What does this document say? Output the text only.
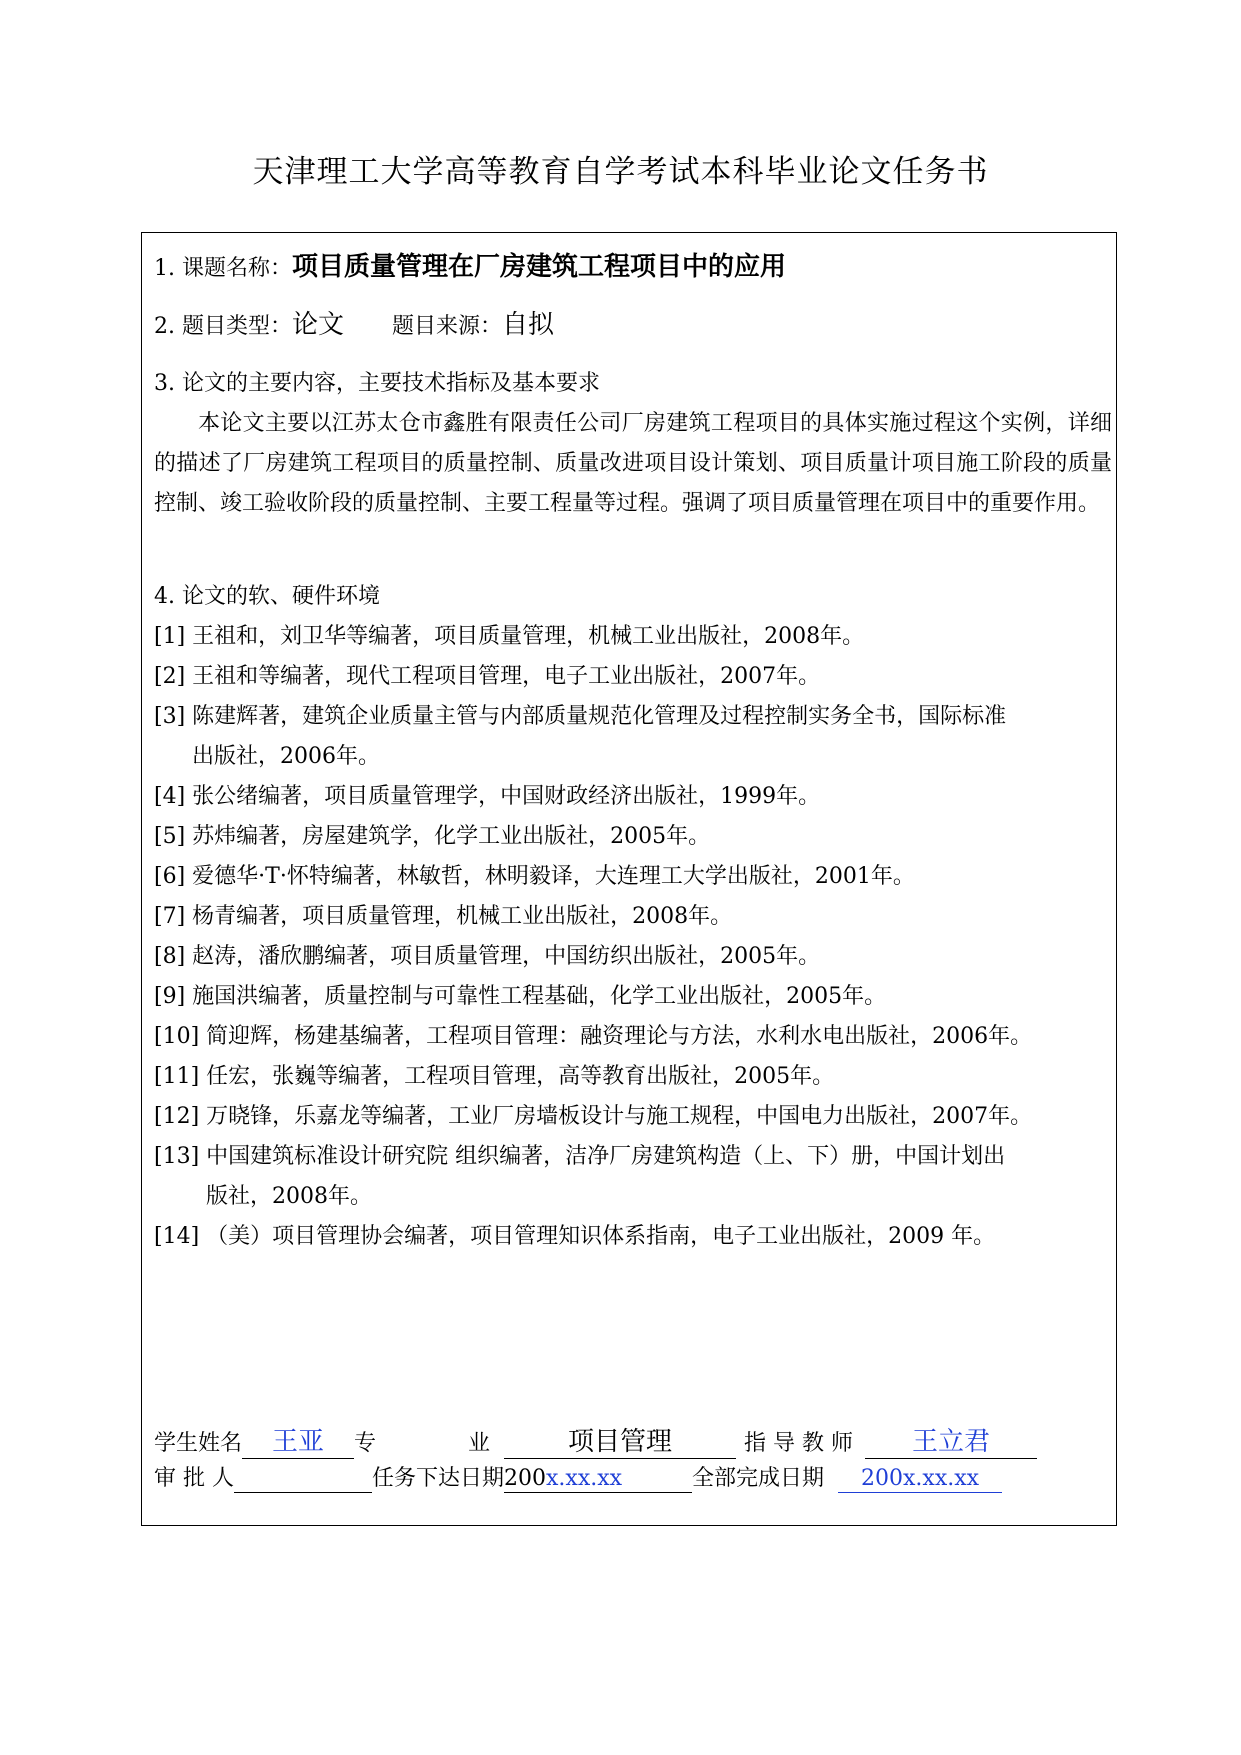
天津理工大学高等教育自学考试本科毕业论文任务书
1. 课题名称：项目质量管理在厂房建筑工程项目中的应用
2. 题目类型：论文 题目来源：自拟
3. 论文的主要内容，主要技术指标及基本要求
本论文主要以江苏太仓市鑫胜有限责任公司厂房建筑工程项目的具体实施过程这个实例，详细的描述了厂房建筑工程项目的质量控制、质量改进项目设计策划、项目质量计项目施工阶段的质量控制、竣工验收阶段的质量控制、主要工程量等过程。强调了项目质量管理在项目中的重要作用。
4. 论文的软、硬件环境
[1] 王祖和，刘卫华等编著，项目质量管理，机械工业出版社，2008年。
[2] 王祖和等编著，现代工程项目管理，电子工业出版社，2007年。
[3] 陈建辉著，建筑企业质量主管与内部质量规范化管理及过程控制实务全书，国际标准
出版社，2006年。
[4] 张公绪编著，项目质量管理学，中国财政经济出版社，1999年。
[5] 苏炜编著，房屋建筑学，化学工业出版社，2005年。
[6] 爱德华·T·怀特编著，林敏哲，林明毅译，大连理工大学出版社，2001年。
[7] 杨青编著，项目质量管理，机械工业出版社，2008年。
[8] 赵涛，潘欣鹏编著，项目质量管理，中国纺织出版社，2005年。
[9] 施国洪编著，质量控制与可靠性工程基础，化学工业出版社，2005年。
[10] 简迎辉，杨建基编著，工程项目管理：融资理论与方法，水利水电出版社，2006年。
[11] 任宏，张巍等编著，工程项目管理，高等教育出版社，2005年。
[12] 万晓锋，乐嘉龙等编著，工业厂房墙板设计与施工规程，中国电力出版社，2007年。
[13] 中国建筑标准设计研究院 组织编著，洁净厂房建筑构造（上、下）册，中国计划出
版社，2008年。
[14] （美）项目管理协会编著，项目管理知识体系指南，电子工业出版社，2009 年。
学生姓名 王亚 专	业	项目管理	指 导 教 师 王立君
审 批 人	任务下达日期200x.xx.xx	全部完成日期 200x.xx.xx
